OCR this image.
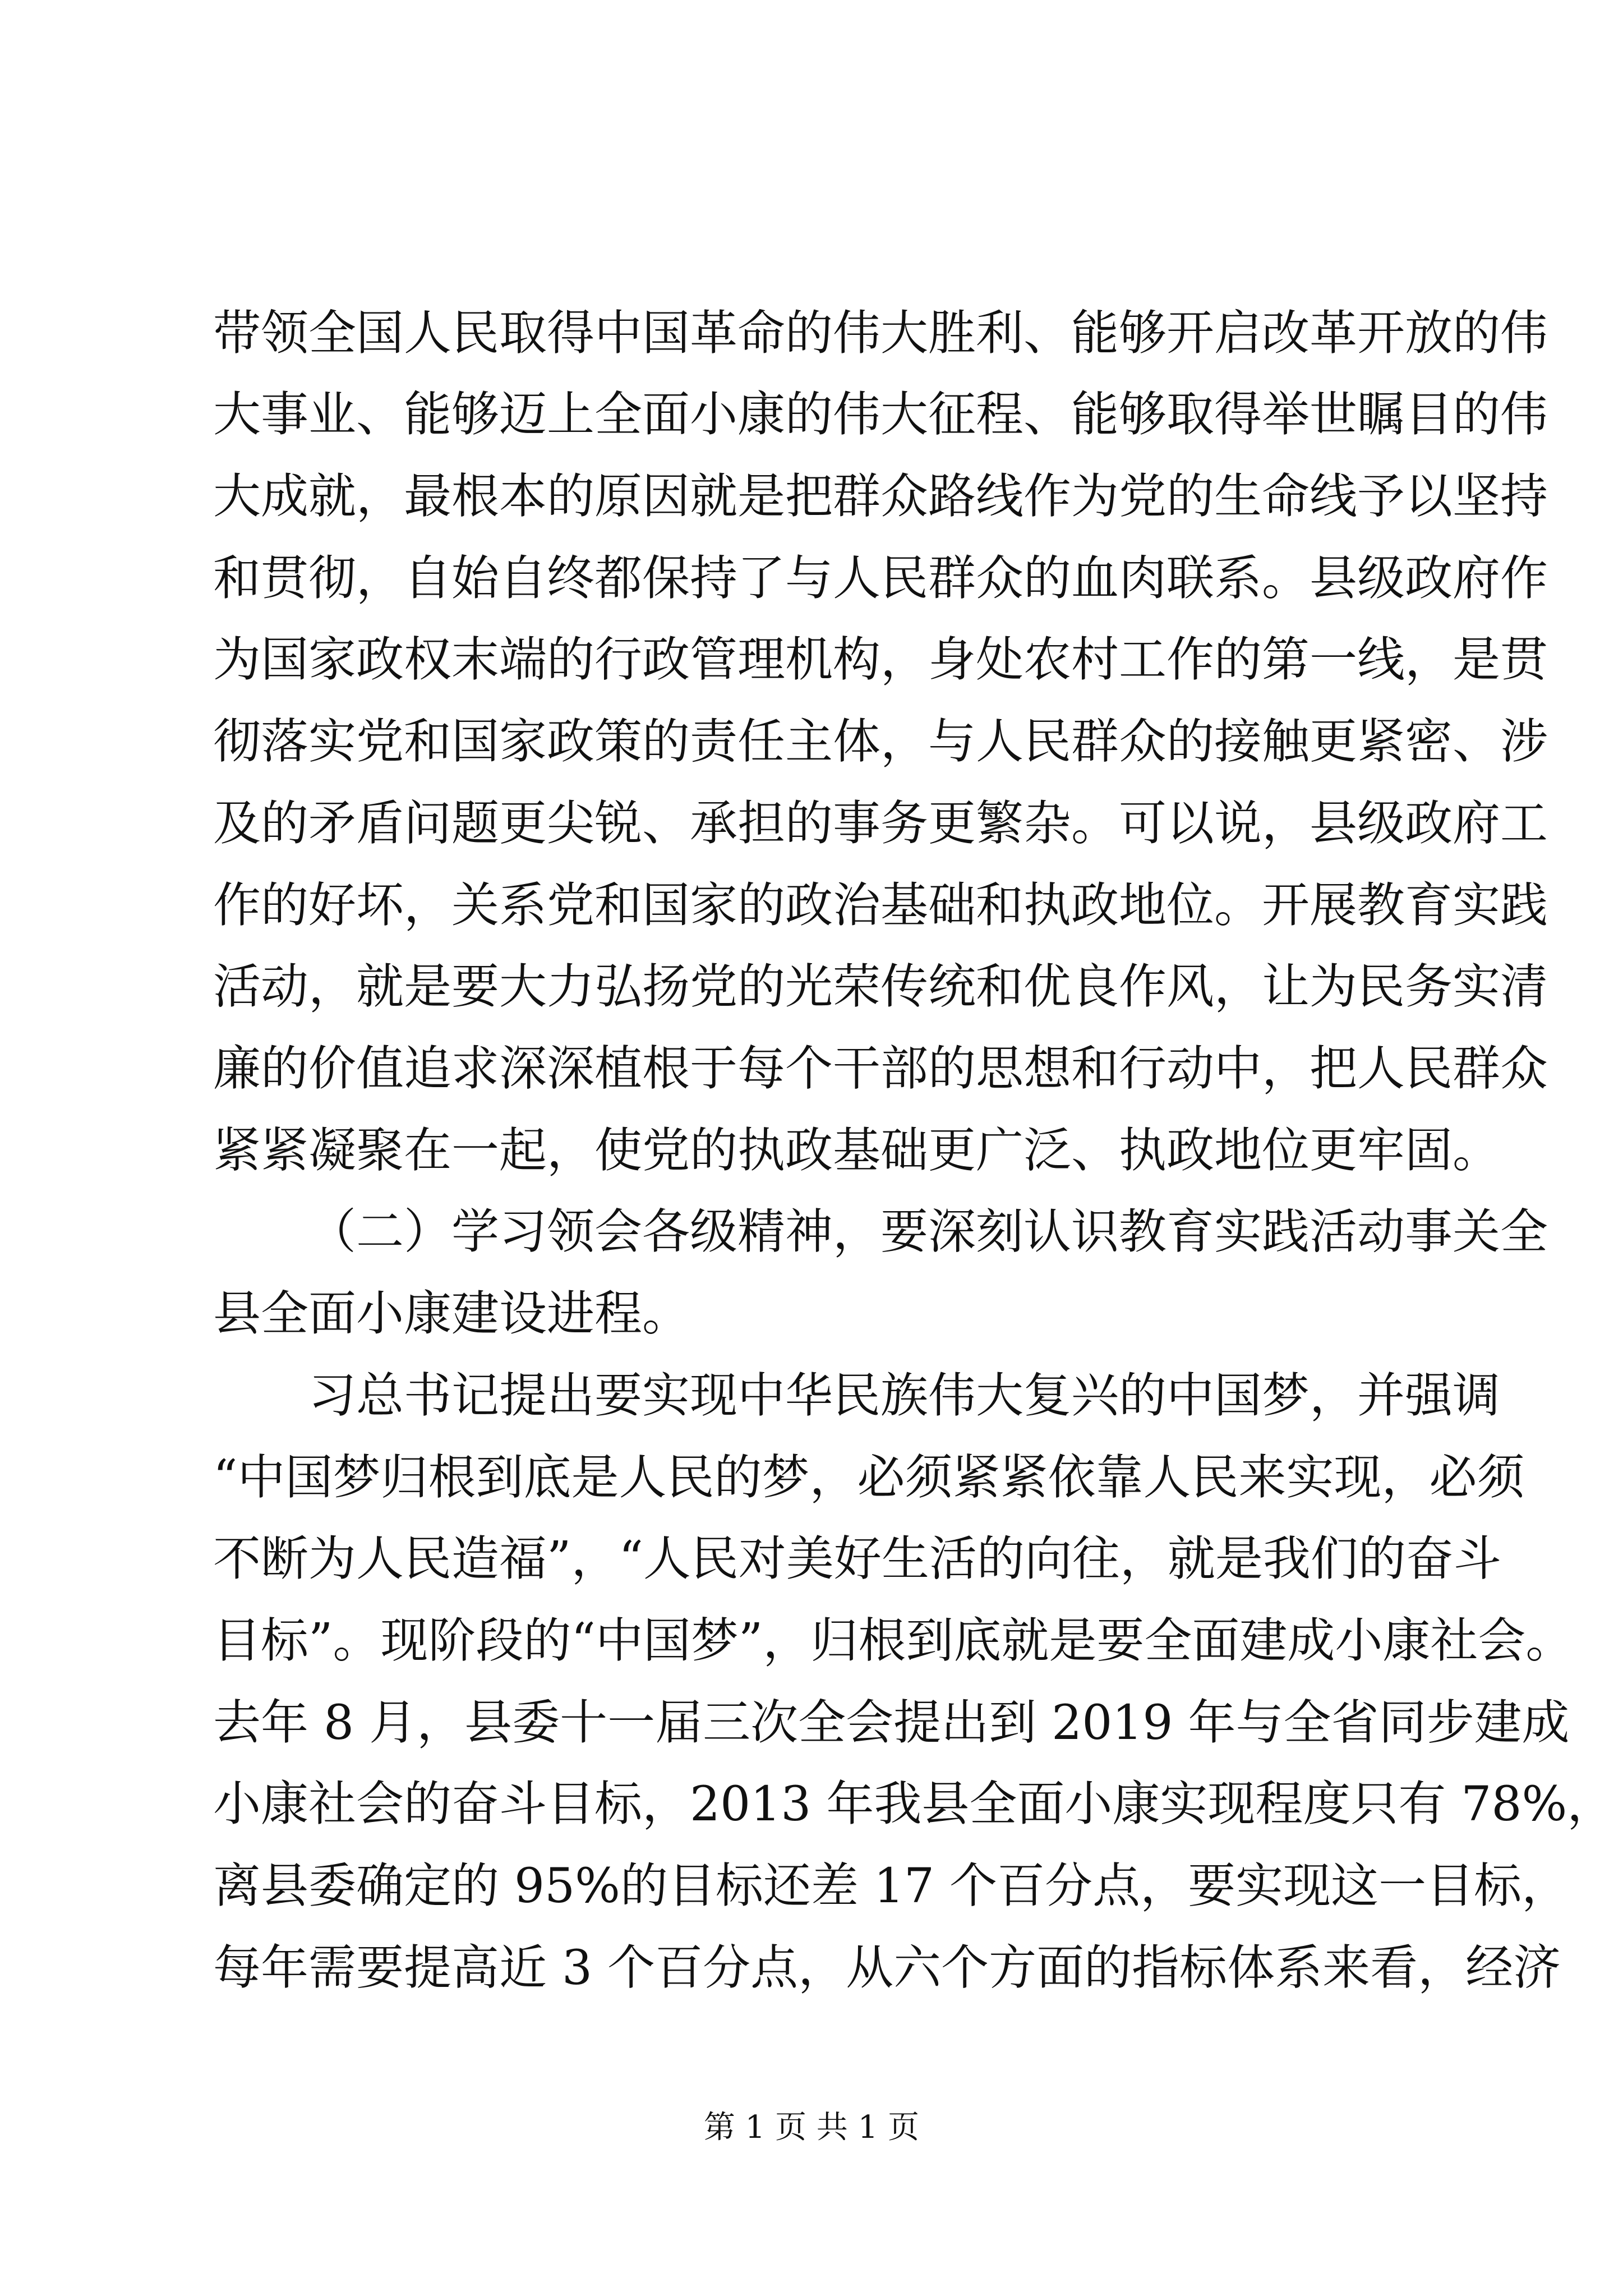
带领全国人民取得中国革命的伟大胜利、能够开启改革开放的伟
大事业、能够迈上全面小康的伟大征程、能够取得举世瞩目的伟
大成就，最根本的原因就是把群众路线作为党的生命线予以坚持
和贯彻，自始自终都保持了与人民群众的血肉联系。县级政府作
为国家政权末端的行政管理机构，身处农村工作的第一线，是贯
彻落实党和国家政策的责任主体，与人民群众的接触更紧密、涉
及的矛盾问题更尖锐、承担的事务更繁杂。可以说，县级政府工
作的好坏，关系党和国家的政治基础和执政地位。开展教育实践
活动，就是要大力弘扬党的光荣传统和优良作风，让为民务实清
廉的价值追求深深植根于每个干部的思想和行动中，把人民群众
紧紧凝聚在一起，使党的执政基础更广泛、执政地位更牢固。
（二）学习领会各级精神，要深刻认识教育实践活动事关全
县全面小康建设进程。
习总书记提出要实现中华民族伟大复兴的中国梦，并强调
“中国梦归根到底是人民的梦，必须紧紧依靠人民来实现，必须
不断为人民造福”，“人民对美好生活的向往，就是我们的奋斗
目标”。现阶段的“中国梦”，归根到底就是要全面建成小康社会。
去年 8 月，县委十一届三次全会提出到 2019 年与全省同步建成
小康社会的奋斗目标，2013 年我县全面小康实现程度只有 78%，
离县委确定的 95%的目标还差 17 个百分点，要实现这一目标，
每年需要提高近 3 个百分点，从六个方面的指标体系来看，经济
第 1 页 共 1 页
